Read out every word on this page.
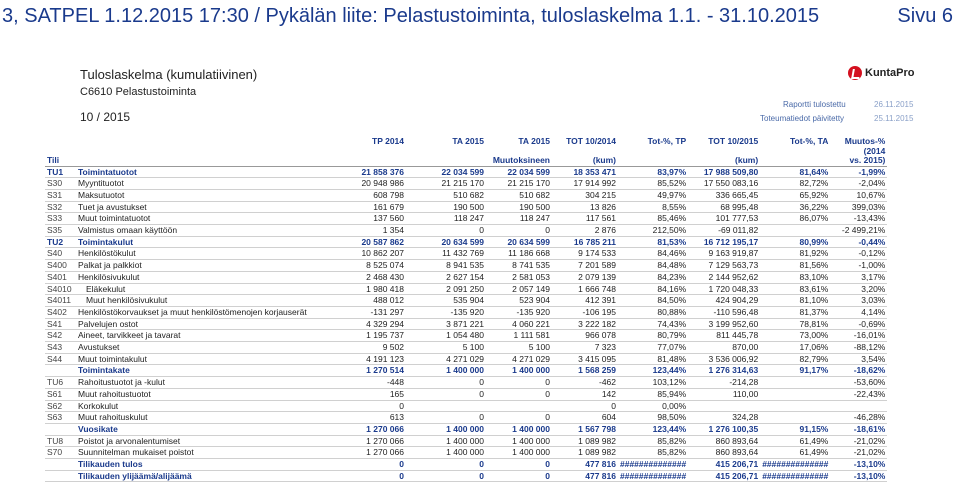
3, SATPEL 1.12.2015 17:30 / Pykälän liite: Pelastustoiminta, tuloslaskelma 1.1. - 31.10.2015	Sivu 6
Tuloslaskelma (kumulatiivinen)
C6610 Pelastustoiminta
10 / 2015
KuntaPro
Raportti tulostettu	26.11.2015
Toteumatiedot päivitetty	25.11.2015
		TP 2014	TA 2015	TA 2015	TOT 10/2014	Tot-%, TP	TOT 10/2015	Tot-%, TA	Muutos-% (2014
Tili				Muutoksineen	(kum)		(kum)		vs. 2015)
TU1	Toimintatuotot	21 858 376	22 034 599	22 034 599	18 353 471	83,97%	17 988 509,80	81,64%	-1,99%
S30	Myyntituotot	20 948 986	21 215 170	21 215 170	17 914 992	85,52%	17 550 083,16	82,72%	-2,04%
S31	Maksutuotot	608 798	510 682	510 682	304 215	49,97%	336 665,45	65,92%	10,67%
S32	Tuet ja avustukset	161 679	190 500	190 500	13 826	8,55%	68 995,48	36,22%	399,03%
S33	Muut toimintatuotot	137 560	118 247	118 247	117 561	85,46%	101 777,53	86,07%	-13,43%
S35	Valmistus omaan käyttöön	1 354	0	0	2 876	212,50%	-69 011,82		-2 499,21%
TU2	Toimintakulut	20 587 862	20 634 599	20 634 599	16 785 211	81,53%	16 712 195,17	80,99%	-0,44%
S40	Henkilöstökulut	10 862 207	11 432 769	11 186 668	9 174 533	84,46%	9 163 919,87	81,92%	-0,12%
S400	Palkat ja palkkiot	8 525 074	8 941 535	8 741 535	7 201 589	84,48%	7 129 563,73	81,56%	-1,00%
S401	Henkilösivukulut	2 468 430	2 627 154	2 581 053	2 079 139	84,23%	2 144 952,62	83,10%	3,17%
S4010	Eläkekulut	1 980 418	2 091 250	2 057 149	1 666 748	84,16%	1 720 048,33	83,61%	3,20%
S4011	Muut henkilösivukulut	488 012	535 904	523 904	412 391	84,50%	424 904,29	81,10%	3,03%
S402	Henkilöstökorvaukset ja muut henkilöstömenojen korjauserät	-131 297	-135 920	-135 920	-106 195	80,88%	-110 596,48	81,37%	4,14%
S41	Palvelujen ostot	4 329 294	3 871 221	4 060 221	3 222 182	74,43%	3 199 952,60	78,81%	-0,69%
S42	Aineet, tarvikkeet ja tavarat	1 195 737	1 054 480	1 111 581	966 078	80,79%	811 445,78	73,00%	-16,01%
S43	Avustukset	9 502	5 100	5 100	7 323	77,07%	870,00	17,06%	-88,12%
S44	Muut toimintakulut	4 191 123	4 271 029	4 271 029	3 415 095	81,48%	3 536 006,92	82,79%	3,54%
	Toimintakate	1 270 514	1 400 000	1 400 000	1 568 259	123,44%	1 276 314,63	91,17%	-18,62%
TU6	Rahoitustuotot ja -kulut	-448	0	0	-462	103,12%	-214,28		-53,60%
S61	Muut rahoitustuotot	165	0	0	142	85,94%	110,00		-22,43%
S62	Korkokulut	0			0	0,00%			
S63	Muut rahoituskulut	613	0	0	604	98,50%	324,28		-46,28%
	Vuosikate	1 270 066	1 400 000	1 400 000	1 567 798	123,44%	1 276 100,35	91,15%	-18,61%
TU8	Poistot ja arvonalentumiset	1 270 066	1 400 000	1 400 000	1 089 982	85,82%	860 893,64	61,49%	-21,02%
S70	Suunnitelman mukaiset poistot	1 270 066	1 400 000	1 400 000	1 089 982	85,82%	860 893,64	61,49%	-21,02%
	Tilikauden tulos	0	0	0	477 816	##############	415 206,71	##############	-13,10%
	Tilikauden ylijäämä/alijäämä	0	0	0	477 816	##############	415 206,71	##############	-13,10%
